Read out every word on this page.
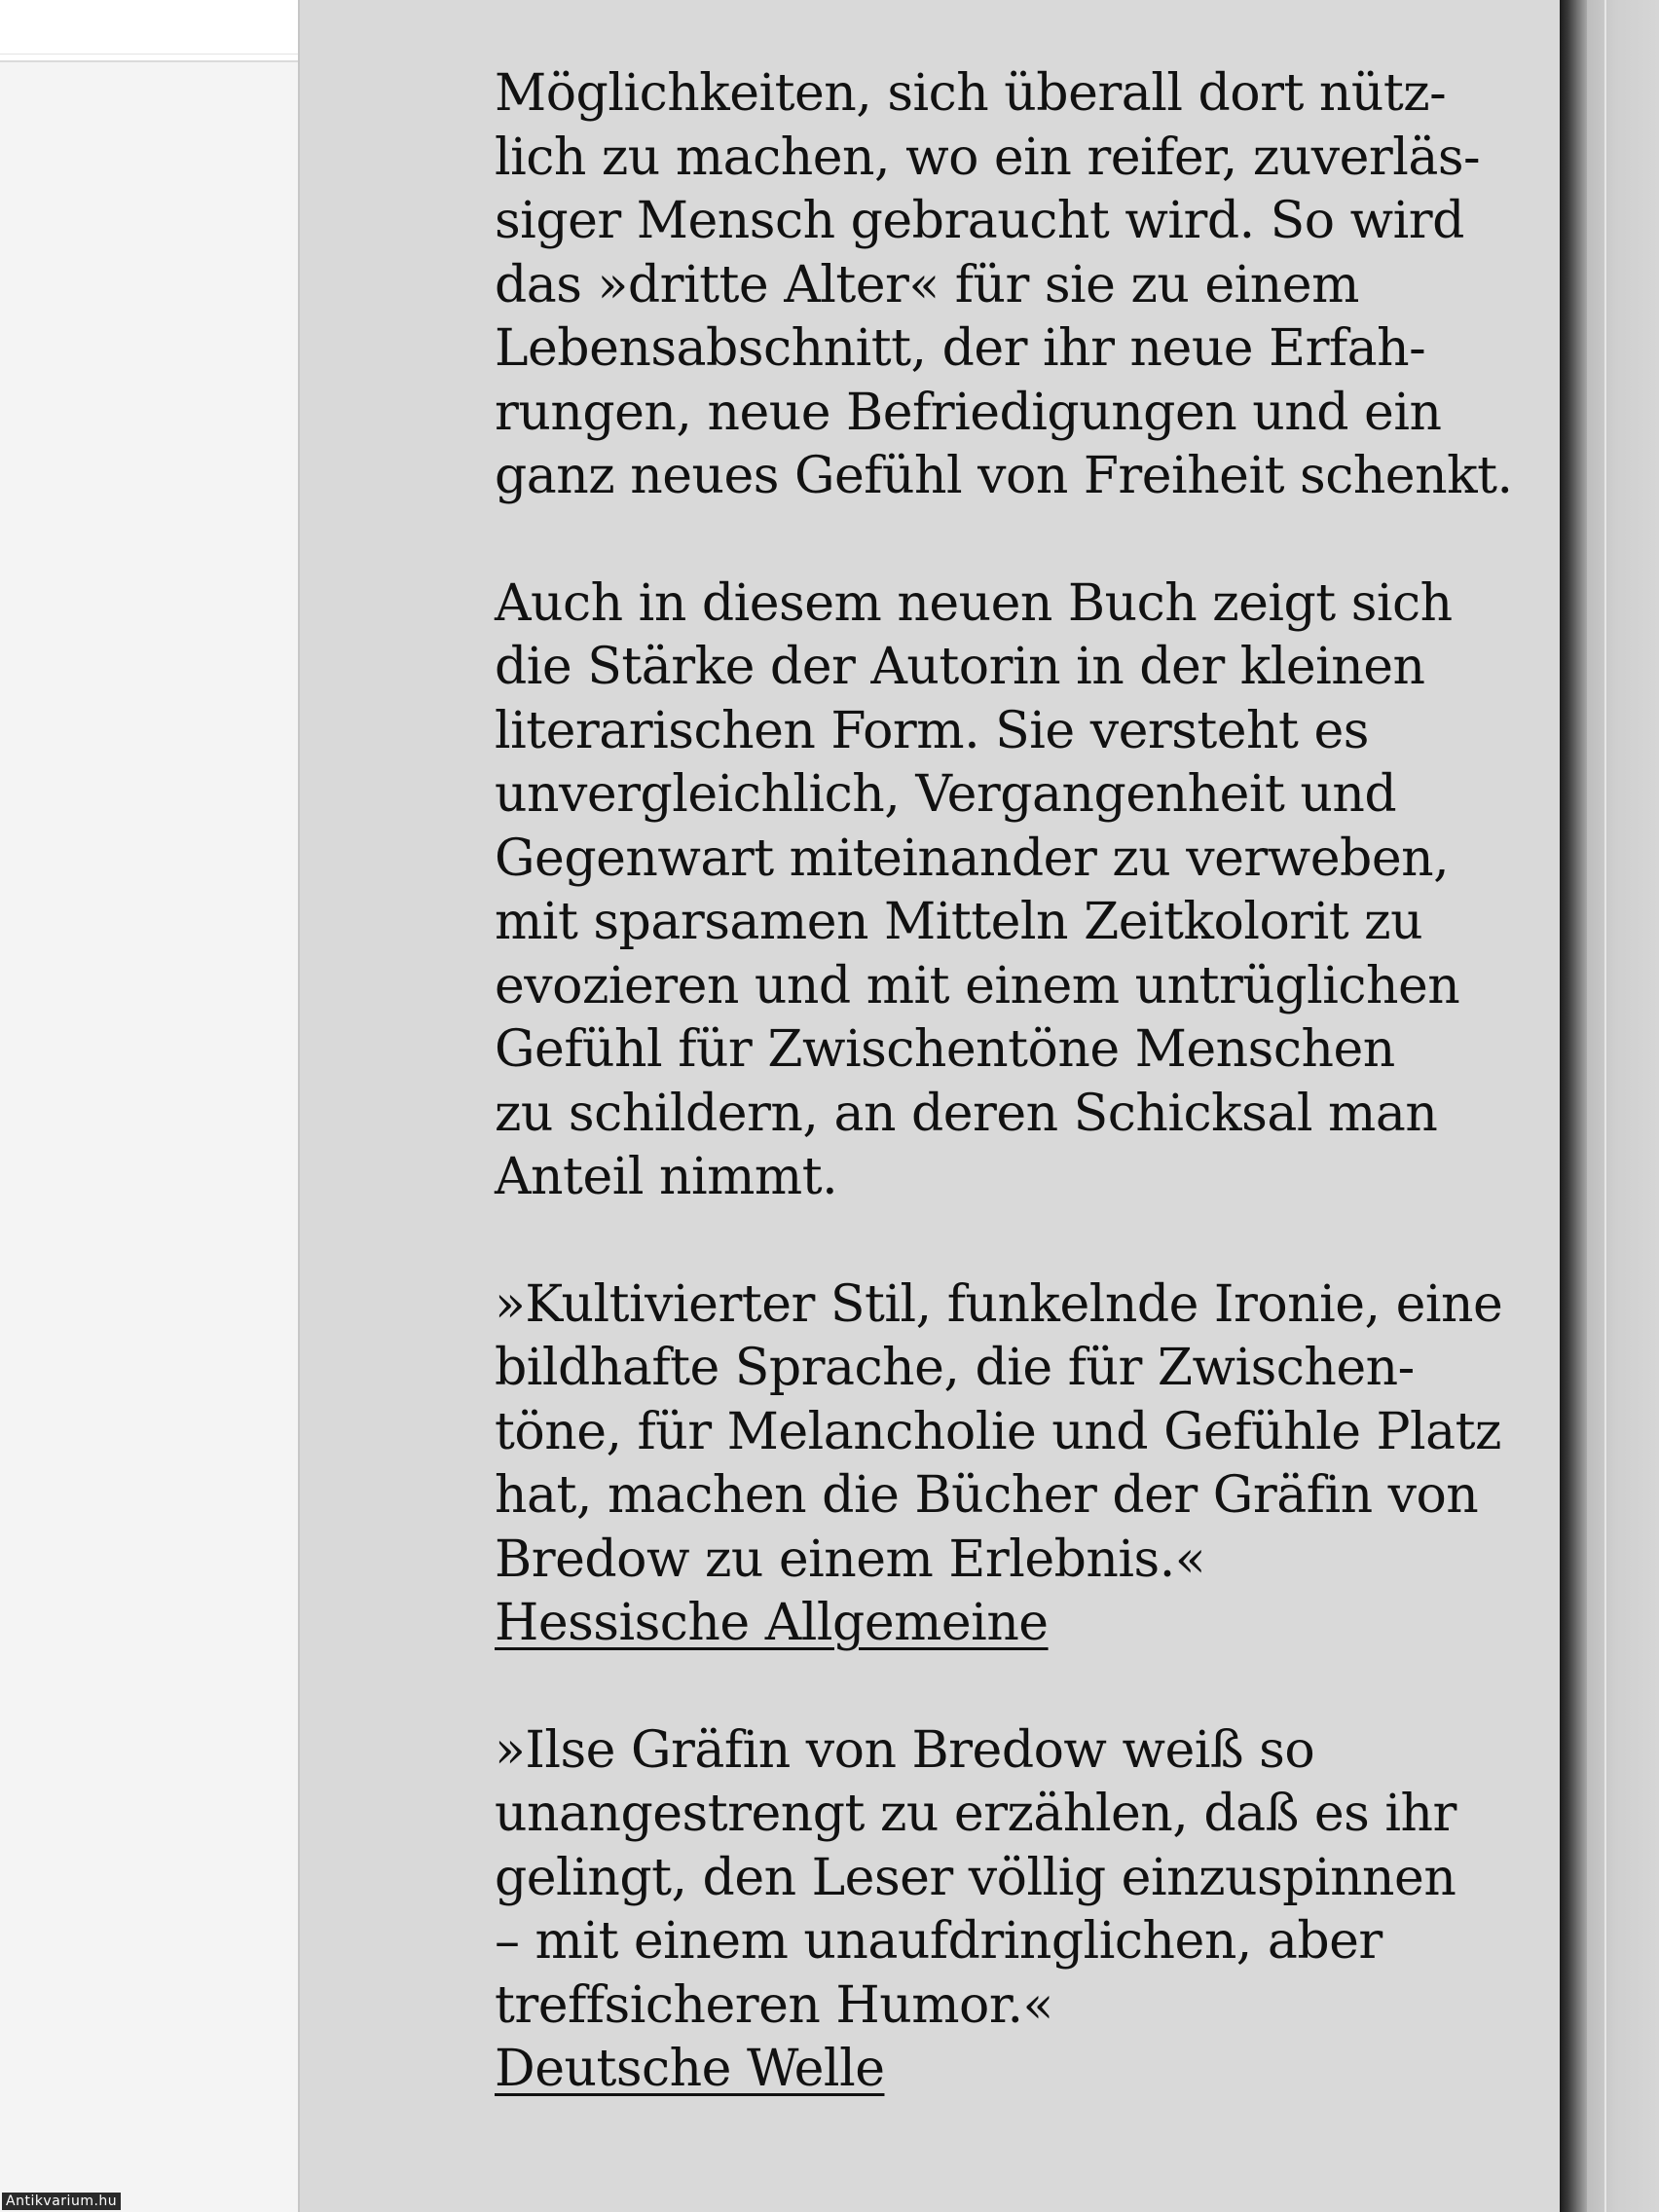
Möglichkeiten, sich überall dort nütz-
lich zu machen, wo ein reifer, zuverläs-
siger Mensch gebraucht wird. So wird
das »dritte Alter« für sie zu einem
Lebensabschnitt, der ihr neue Erfah-
rungen, neue Befriedigungen und ein
ganz neues Gefühl von Freiheit schenkt.
Auch in diesem neuen Buch zeigt sich
die Stärke der Autorin in der kleinen
literarischen Form. Sie versteht es
unvergleichlich, Vergangenheit und
Gegenwart miteinander zu verweben,
mit sparsamen Mitteln Zeitkolorit zu
evozieren und mit einem untrüglichen
Gefühl für Zwischentöne Menschen
zu schildern, an deren Schicksal man
Anteil nimmt.
»Kultivierter Stil, funkelnde Ironie, eine
bildhafte Sprache, die für Zwischen-
töne, für Melancholie und Gefühle Platz
hat, machen die Bücher der Gräfin von
Bredow zu einem Erlebnis.«
Hessische Allgemeine
»Ilse Gräfin von Bredow weiß so
unangestrengt zu erzählen, daß es ihr
gelingt, den Leser völlig einzuspinnen
– mit einem unaufdringlichen, aber
treffsicheren Humor.«
Deutsche Welle
Antikvarium.hu
